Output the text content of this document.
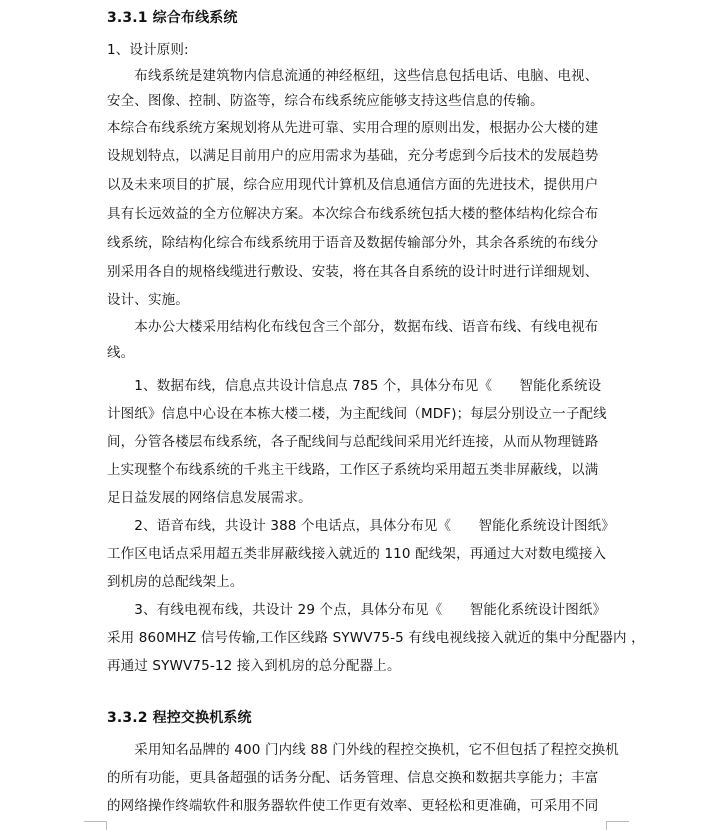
3.3.1 综合布线系统
1、设计原则:
　　布线系统是建筑物内信息流通的神经枢纽，这些信息包括电话、电脑、电视、
安全、图像、控制、防盗等，综合布线系统应能够支持这些信息的传输。
本综合布线系统方案规划将从先进可靠、实用合理的原则出发，根据办公大楼的建
设规划特点，以满足目前用户的应用需求为基础，充分考虑到今后技术的发展趋势
以及未来项目的扩展，综合应用现代计算机及信息通信方面的先进技术，提供用户
具有长远效益的全方位解决方案。本次综合布线系统包括大楼的整体结构化综合布
线系统，除结构化综合布线系统用于语音及数据传输部分外，其余各系统的布线分
别采用各自的规格线缆进行敷设、安装，将在其各自系统的设计时进行详细规划、
设计、实施。
　　本办公大楼采用结构化布线包含三个部分，数据布线、语音布线、有线电视布
线。
　　1、数据布线，信息点共设计信息点 785 个，具体分布见《　　智能化系统设
计图纸》信息中心设在本栋大楼二楼，为主配线间（MDF)；每层分别设立一子配线
间，分管各楼层布线系统，各子配线间与总配线间采用光纤连接，从而从物理链路
上实现整个布线系统的千兆主干线路，工作区子系统均采用超五类非屏蔽线，以满
足日益发展的网络信息发展需求。
　　2、语音布线，共设计 388 个电话点，具体分布见《　　智能化系统设计图纸》
工作区电话点采用超五类非屏蔽线接入就近的 110 配线架，再通过大对数电缆接入
到机房的总配线架上。
　　3、有线电视布线，共设计 29 个点，具体分布见《　　智能化系统设计图纸》
采用 860MHZ 信号传输,工作区线路 SYWV75-5 有线电视线接入就近的集中分配器内 ，
再通过 SYWV75-12 接入到机房的总分配器上。
3.3.2 程控交换机系统
　　采用知名品牌的 400 门内线 88 门外线的程控交换机，它不但包括了程控交换机
的所有功能，更具备超强的话务分配、话务管理、信息交换和数据共享能力；丰富
的网络操作终端软件和服务器软件使工作更有效率、更轻松和更准确，可采用不同
